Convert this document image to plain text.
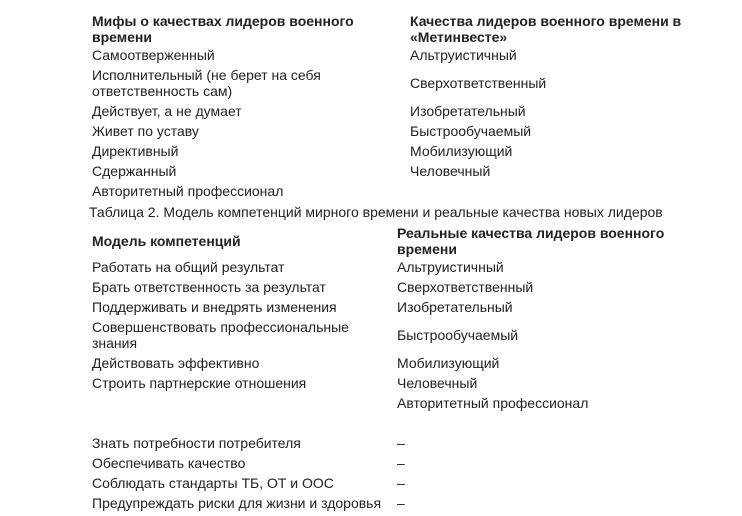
Мифы о качествах лидеров военного времени	Качества лидеров военного времени в «Метинвесте»
Самоотверженный	Альтруистичный
Исполнительный (не берет на себя ответственность сам)	Сверхответственный
Действует, а не думает	Изобретательный
Живет по уставу	Быстрообучаемый
Директивный	Мобилизующий
Сдержанный	Человечный
Авторитетный профессионал	
Таблица 2. Модель компетенций мирного времени и реальные качества новых лидеров
Модель компетенций	Реальные качества лидеров военного времени
Работать на общий результат	Альтруистичный
Брать ответственность за результат	Сверхответственный
Поддерживать и внедрять изменения	Изобретательный
Совершенствовать профессиональные знания	Быстрообучаемый
Действовать эффективно	Мобилизующий
Строить партнерские отношения	Человечный
	Авторитетный профессионал

Знать потребности потребителя	–
Обеспечивать качество	–
Соблюдать стандарты ТБ, ОТ и ООС	–
Предупреждать риски для жизни и здоровья	–
